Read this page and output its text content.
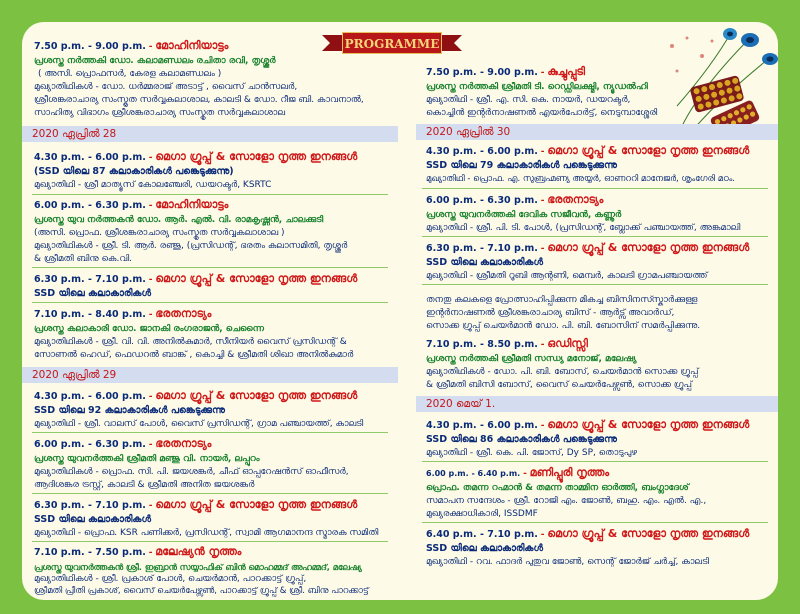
PROGRAMME
7.50 p.m. - 9.00 p.m. - മോഹിനിയാട്ടം
പ്രശസ്ത നർത്തകി ഡോ. കലാമണ്ഡലം രചിതാ രവി, തൃശ്ശൂർ
( അസി. പ്രൊഫസർ, കേരള കലാമണ്ഡലം )
മുഖ്യാതിഥികൾ - ഡോ. ധർമ്മരാജ് അടാട്ട് , വൈസ് ചാൻസലർ,
ശ്രീശങ്കരാചാര്യ സംസ്കൃത സർവ്വകലാശാല, കാലടി & ഡോ. റീജ ബി. കാവനാൽ,
സാഹിത്യ വിഭാഗം ശ്രീശങ്കരാചാര്യ സംസ്കൃത സർവ്വകലാശാല
2020 ഏപ്രിൽ 28
4.30 p.m. - 6.00 p.m. - മെഗാ ഗ്രൂപ്പ് & സോളോ നൃത്ത ഇനങ്ങൾ
(SSD യിലെ 87 കലാകാരികൾ പങ്കെടുക്കുന്നു)
മുഖ്യാതിഥി - ശ്രീ മാത്യൂസ് കോലഞ്ചേരി, ഡയറക്ടർ, KSRTC
6.00 p.m. - 6.30 p.m. - മോഹിനിയാട്ടം
പ്രശസ്ത യുവ നർത്തകൻ ഡോ. ആർ. എൽ. വി. രാമകൃഷ്ണൻ, ചാലക്കുടി
(അസി. പ്രൊഫ. ശ്രീശങ്കരാചാര്യ സംസ്കൃത സർവ്വകലാശാല )
മുഖ്യാതിഥികൾ - ശ്രീ. ടി. ആർ. രഞ്ജു, (പ്രസിഡന്റ്, ഭരതം കലാസമിതി, തൃശ്ശൂർ
& ശ്രീമതി ബിനു കെ.വി.
6.30 p.m. - 7.10 p.m. - മെഗാ ഗ്രൂപ്പ് & സോളോ നൃത്ത ഇനങ്ങൾ
SSD യിലെ കലാകാരികൾ
7.10 p.m. - 8.40 p.m. - ഭരതനാട്യം
പ്രശസ്ത കലാകാരി ഡോ. ജാനകി രംഗരാജൻ, ചെന്നൈ
മുഖ്യാതിഥികൾ - ശ്രീ. വി. വി. അനിൽകുമാർ, സീനിയർ വൈസ് പ്രസിഡന്റ് &
സോണൽ ഹെഡ്, ഫെഡറൽ ബാങ്ക് , കൊച്ചി & ശ്രീമതി ശിഖാ അനിൽകുമാർ
2020 ഏപ്രിൽ 29
4.30 p.m. - 6.00 p.m. - മെഗാ ഗ്രൂപ്പ് & സോളോ നൃത്ത ഇനങ്ങൾ
SSD യിലെ 92 കലാകാരികൾ പങ്കെടുക്കുന്നു
മുഖ്യാതിഥി - ശ്രീ. വാലസ് പോൾ, വൈസ് പ്രസിഡന്റ്, ഗ്രാമ പഞ്ചായത്ത്, കാലടി
6.00 p.m. - 6.30 p.m. - ഭരതനാട്യം
പ്രശസ്ത യുവനർത്തകി ശ്രീമതി മഞ്ജു വി. നായർ, ലപ്പുറം
മുഖ്യാതിഥികൾ - പ്രൊഫ. സി. പി. ജയശങ്കർ, ചീഫ് ഓപ്പറേഷൻസ് ഓഫീസർ,
ആദിശങ്കര ട്രസ്റ്റ്, കാലടി & ശ്രീമതി അനിത ജയശങ്കർ
6.30 p.m. - 7.10 p.m. - മെഗാ ഗ്രൂപ്പ് & സോളോ നൃത്ത ഇനങ്ങൾ
SSD യിലെ കലാകാരികൾ
മുഖ്യാതിഥി - പ്രൊഫ. KSR പണിക്കർ, പ്രസിഡന്റ്, സ്വാമി ആഗമാനന്ദ സ്മാരക സമിതി
7.10 p.m. - 7.50 p.m. - മലേഷ്യൻ നൃത്തം
പ്രശസ്ത യുവനർത്തകൻ ശ്രീ. ഇബ്രാൻ സയ്യാഫിക് ബിൻ മൊഹമ്മദ് അഹമ്മദ്, മലേഷ്യ
മുഖ്യാതിഥികൾ - ശ്രീ. പ്രകാശ് പോൾ, ചെയർമാൻ, പാറക്കാട്ട് ഗ്രൂപ്പ്,
ശ്രീമതി പ്രീതി പ്രകാശ്, വൈസ് ചെയർപേഴ്സൺ, പാറക്കാട്ട് ഗ്രൂപ്പ് & ശ്രീ. ബിനു പാറക്കാട്ട്
7.50 p.m. - 9.00 p.m. - കുച്ചുപ്പുടി
പ്രശസ്ത നർത്തകി ശ്രീമതി ടി. റെഡ്ഡിലക്ഷ്മി, ന്യൂഡൽഹി
മുഖ്യാതിഥി - ശ്രീ. എ. സി. കെ. നായർ, ഡയറക്ടർ,
കൊച്ചിൻ ഇന്റർനാഷണൽ എയർപോർട്ട്, നെടുമ്പാശ്ശേരി
2020 ഏപ്രിൽ 30
4.30 p.m. - 6.00 p.m. - മെഗാ ഗ്രൂപ്പ് & സോളോ നൃത്ത ഇനങ്ങൾ
SSD യിലെ 79 കലാകാരികൾ പങ്കെടുക്കുന്നു
മുഖ്യാതിഥി - പ്രൊഫ. എ. സുബ്രഹ്മണ്യ അയ്യർ, ഓണററി മാനേജർ, ശൃംഗേരി മഠം.
6.00 p.m. - 6.30 p.m. - ഭരതനാട്യം
പ്രശസ്ത യുവനർത്തകി ദേവിക സജീവൻ, കണ്ണൂർ
മുഖ്യാതിഥി - ശ്രീ. പി. ടി. പോൾ, (പ്രസിഡന്റ്, ബ്ലോക്ക് പഞ്ചായത്ത്, അങ്കമാലി
6.30 p.m. - 7.10 p.m. - മെഗാ ഗ്രൂപ്പ് & സോളോ നൃത്ത ഇനങ്ങൾ
SSD യിലെ കലാകാരികൾ
മുഖ്യാതിഥി - ശ്രീമതി റൂബി ആന്റണി, മെമ്പർ, കാലടി ഗ്രാമപഞ്ചായത്ത്
തനതു കലകളെ പ്രോത്സാഹിപ്പിക്കുന്ന മികച്ച ബിസിനസ്സ്കാർക്കുള്ള
ഇന്റർനാഷണൽ ശ്രീശങ്കരാചാര്യ ബിസ് - ആർട്സ് അവാർഡ്,
സൊക്ക ഗ്രൂപ്പ് ചെയർമാൻ ഡോ. പി. ബി. ബോസിന് സമർപ്പിക്കുന്നു.
7.10 p.m. - 8.50 p.m. - ഒഡിസ്സി
പ്രശസ്ത നർത്തകി ശ്രീമതി സന്ധ്യ മനോജ്, മലേഷ്യ
മുഖ്യാതിഥികൾ - ഡോ. പി. ബി. ബോസ്, ചെയർമാൻ സൊക്ക ഗ്രൂപ്പ്
& ശ്രീമതി ബിസി ബോസ്, വൈസ് ചെയർപേഴ്സൺ, സൊക്ക ഗ്രൂപ്പ്
2020 മെയ് 1.
4.30 p.m. - 6.00 p.m. - മെഗാ ഗ്രൂപ്പ് & സോളോ നൃത്ത ഇനങ്ങൾ
SSD യിലെ 86 കലാകാരികൾ പങ്കെടുക്കുന്നു
മുഖ്യാതിഥി - ശ്രീ. കെ. പി. ജോസ്, Dy SP, തൊടുപുഴ
6.00 p.m. - 6.40 p.m. - മണിപ്പൂരി നൃത്തം
പ്രൊഫ. തമന്ന റഹ്മാൻ & തമന്ന താമ്മിന ഓർത്തി, ബംഗ്ലാദേശ്
സമാപന സന്ദേശം - ശ്രീ. റോജി എം. ജോൺ, ബഹു. എം. എൽ. എ.,
മുഖ്യരക്ഷാധികാരി, ISSDMF
6.40 p.m. - 7.10 p.m. - മെഗാ ഗ്രൂപ്പ് & സോളോ നൃത്ത ഇനങ്ങൾ
SSD യിലെ കലാകാരികൾ
മുഖ്യാതിഥി - റവ. ഫാദർ പുതുവ ജോൺ, സെന്റ് ജോർജ് ചർച്ച്, കാലടി
